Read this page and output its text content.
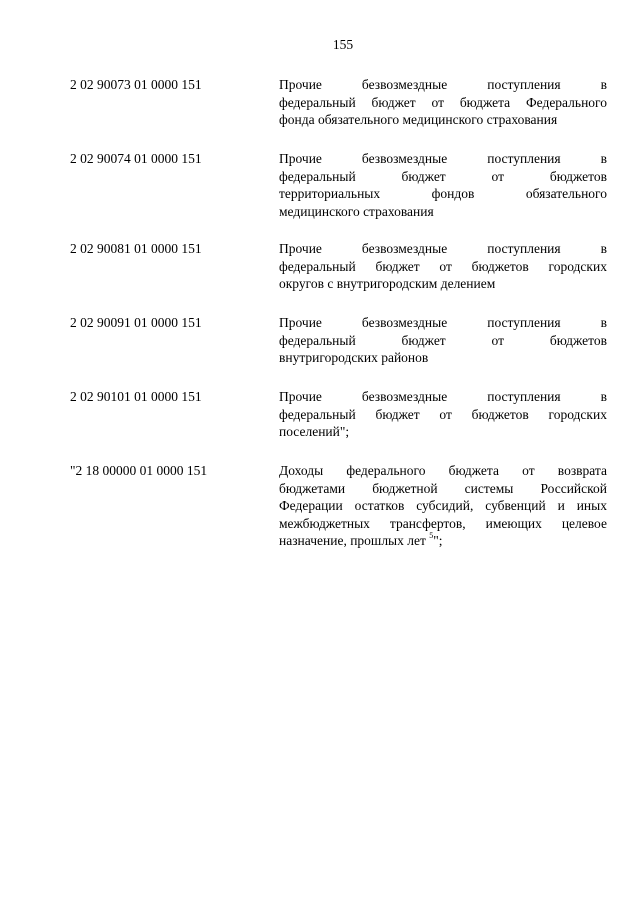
155
2 02 90073 01 0000 151	Прочие	безвозмездные	поступления	в
федеральный бюджет от бюджета Федерального
фонда обязательного медицинского страхования
2 02 90074 01 0000 151	Прочие	безвозмездные	поступления	в
федеральный	бюджет	от	бюджетов
территориальных	фондов	обязательного
медицинского страхования
2 02 90081 01 0000 151	Прочие	безвозмездные	поступления	в
федеральный бюджет от бюджетов городских
округов с внутригородским делением
2 02 90091 01 0000 151	Прочие	безвозмездные	поступления	в
федеральный	бюджет	от	бюджетов
внутригородских районов
2 02 90101 01 0000 151	Прочие	безвозмездные	поступления	в
федеральный бюджет от бюджетов городских
поселений";
"2 18 00000 01 0000 151	Доходы федерального бюджета от возврата
бюджетами бюджетной системы Российской
Федерации остатков субсидий, субвенций и иных
межбюджетных трансфертов, имеющих целевое
назначение, прошлых лет $^5$";
